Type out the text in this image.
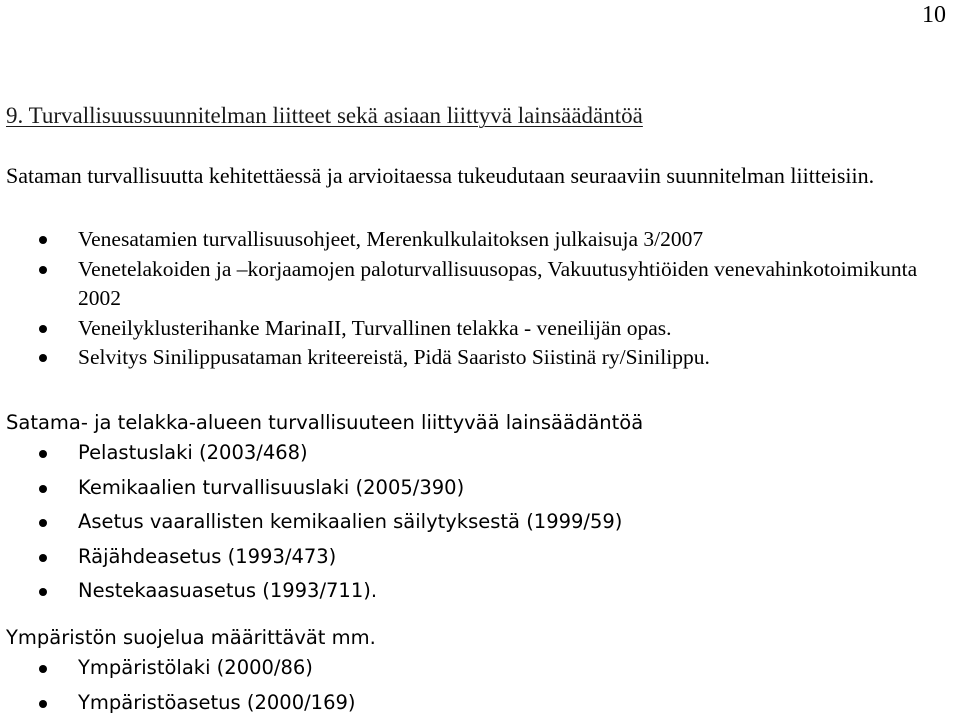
10
9. Turvallisuussuunnitelman liitteet sekä asiaan liittyvä lainsäädäntöä

Sataman turvallisuutta kehitettäessä ja arvioitaessa tukeudutaan seuraaviin suunnitelman liitteisiin.

Venesatamien turvallisuusohjeet, Merenkulkulaitoksen julkaisuja 3/2007
Venetelakoiden ja –korjaamojen paloturvallisuusopas, Vakuutusyhtiöiden venevahinkotoimikunta 2002
Veneilyklusterihanke MarinaII, Turvallinen telakka - veneilijän opas.
Selvitys Sinilippusataman kriteereistä, Pidä Saaristo Siistinä ry/Sinilippu.

Satama- ja telakka-alueen turvallisuuteen liittyvää lainsäädäntöä

Pelastuslaki (2003/468)
Kemikaalien turvallisuuslaki (2005/390)
Asetus vaarallisten kemikaalien säilytyksestä (1999/59)
Räjähdeasetus (1993/473)
Nestekaasuasetus (1993/711).

Ympäristön suojelua määrittävät mm.

Ympäristölaki (2000/86)
Ympäristöasetus (2000/169)
